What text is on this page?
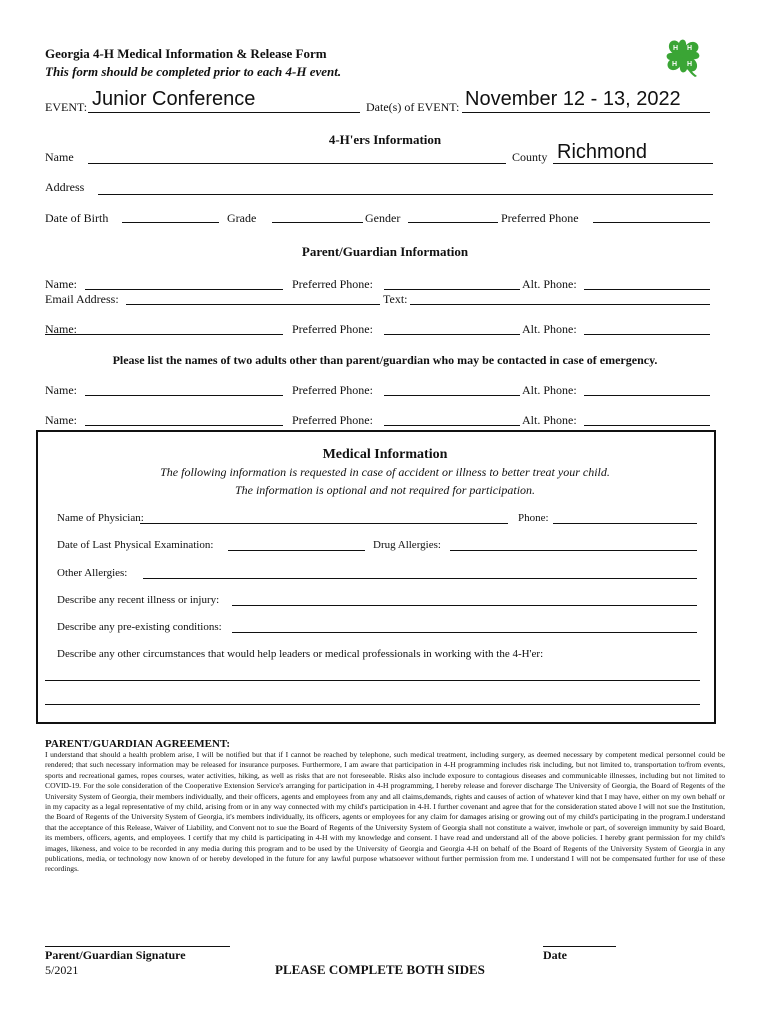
Georgia 4-H Medical Information & Release Form
This form should be completed prior to each 4-H event.
H H
H
H
EVENT: Junior Conference	Date(s) of EVENT: November 12 - 13, 2022
4-H'ers Information
Name	County Richmond
Address
Date of Birth	Grade	Gender	Preferred Phone
Parent/Guardian Information
Name:	Preferred Phone:	Alt. Phone:
Email Address:	Text:
Name:	Preferred Phone:	Alt. Phone:
Please list the names of two adults other than parent/guardian who may be contacted in case of emergency.
Name:	Preferred Phone:	Alt. Phone:
Name:	Preferred Phone:	Alt. Phone:
Medical Information
The following information is requested in case of accident or illness to better treat your child.
The information is optional and not required for participation.
Name of Physician:	Phone:
Date of Last Physical Examination:	Drug Allergies:
Other Allergies:
Describe any recent illness or injury:
Describe any pre-existing conditions:
Describe any other circumstances that would help leaders or medical professionals in working with the 4-H'er:
PARENT/GUARDIAN AGREEMENT:
I understand that should a health problem arise, I will be notified but that if I cannot be reached by telephone, such medical treatment, including surgery, as deemed necessary by competent medical personnel could be rendered; that such necessary information may be released for insurance purposes. Furthermore, I am aware that participation in 4-H programming includes risk including, but not limited to, transportation to/from events, sports and recreational games, ropes courses, water activities, hiking, as well as risks that are not foreseeable. Risks also include exposure to contagious diseases and communicable illnesses, including but not limited to COVID-19. For the sole consideration of the Cooperative Extension Service's arranging for participation in 4-H programming, I hereby release and forever discharge The University of Georgia, the Board of Regents of the University System of Georgia, their members individually, and their officers, agents and employees from any and all claims,demands, rights and causes of action of whatever kind that I may have, either on my own behalf or in my capacity as a legal representative of my child, arising from or in any way connected with my child's participation in 4-H. I further covenant and agree that for the consideration stated above I will not sue the Institution, the Board of Regents of the University System of Georgia, it's members individually, its officers, agents or employees for any claim for damages arising or growing out of my child's participating in the program.I understand that the acceptance of this Release, Waiver of Liability, and Convent not to sue the Board of Regents of the University System of Georgia shall not constitute a waiver, inwhole or part, of sovereign immunity by said Board, its members, officers, agents, and employees. I certify that my child is participating in 4-H with my knowledge and consent. I have read and understand all of the above policies. I hereby grant permission for my child's images, likeness, and voice to be recorded in any media during this program and to be used by the University of Georgia and Georgia 4-H on behalf of the Board of Regents of the University System of Georgia in any publications, media, or technology now known of or hereby developed in the future for any lawful purpose whatsoever without further permission from me. I understand I will not be compensated further for use of these recordings.
Parent/Guardian Signature	Date
5/2021	PLEASE COMPLETE BOTH SIDES
